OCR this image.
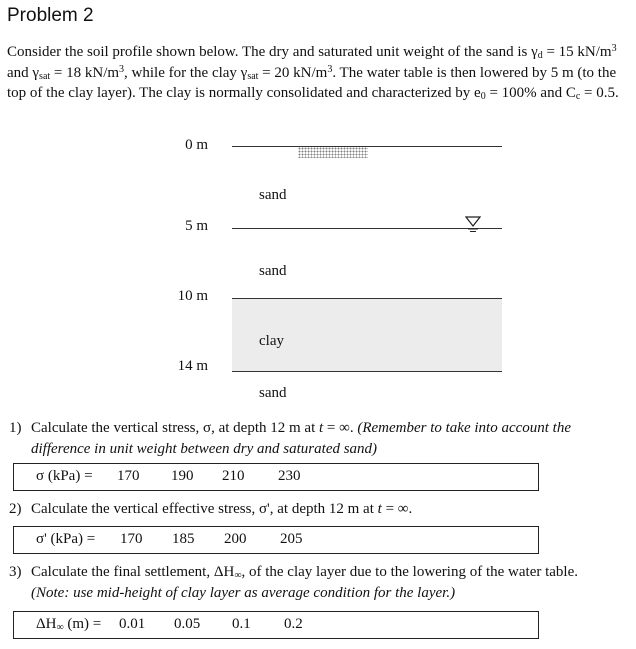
Problem 2
Consider the soil profile shown below. The dry and saturated unit weight of the sand is $\gamma_d = 15$ $kN/m^3$ and $\gamma_{sat} = 18$ $kN/m^3$, while for the clay $\gamma_{sat} = 20$ $kN/m^3$. The water table is then lowered by 5 m (to the top of the clay layer). The clay is normally consolidated and characterized by $e_0 = 100\%$ and $C_c = 0.5$.
0 m
5 m
10 m
14 m
sand
sand
clay
sand
1) Calculate the vertical stress, σ, at depth 12 m at t = ∞. (Remember to take into account the difference in unit weight between dry and saturated sand)
σ (kPa) = 170 190 210 230
2) Calculate the vertical effective stress, σ', at depth 12 m at t = ∞.
σ' (kPa) = 170 185 200 205
3) Calculate the final settlement, $\Delta H_\infty$, of the clay layer due to the lowering of the water table.
(Note: use mid-height of clay layer as average condition for the layer.)
$\Delta H_\infty$ (m) = 0.01 0.05 0.1 0.2
